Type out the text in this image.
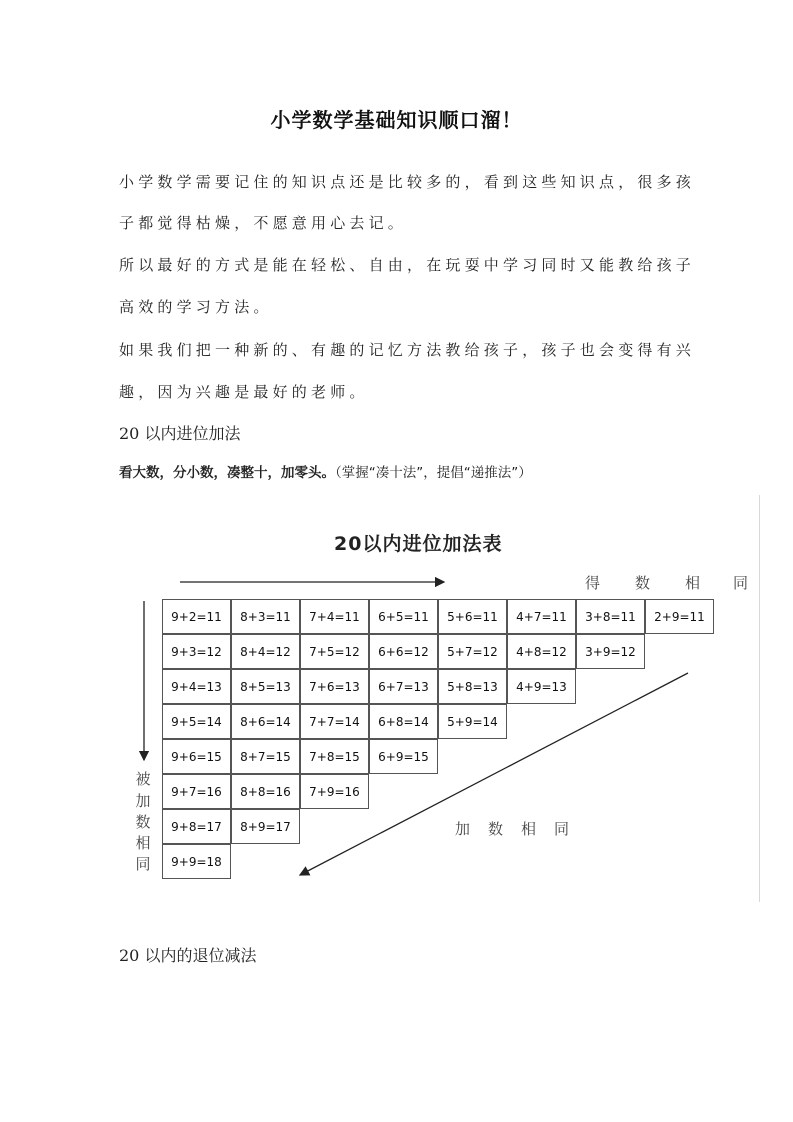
小学数学基础知识顺口溜！
小学数学需要记住的知识点还是比较多的，看到这些知识点，很多孩
子都觉得枯燥，不愿意用心去记。
所以最好的方式是能在轻松、自由，在玩耍中学习同时又能教给孩子
高效的学习方法。
如果我们把一种新的、有趣的记忆方法教给孩子，孩子也会变得有兴
趣，因为兴趣是最好的老师。
20 以内进位加法
看大数，分小数，凑整十，加零头。（掌握“凑十法”，提倡“递推法”）
20以内进位加法表
9+2=11
9+3=12
9+4=13
9+5=14
9+6=15
9+7=16
9+8=17
9+9=18
8+3=11
8+4=12
8+5=13
8+6=14
8+7=15
8+8=16
8+9=17
7+4=11
7+5=12
7+6=13
7+7=14
7+8=15
7+9=16
6+5=11
6+6=12
6+7=13
6+8=14
6+9=15
5+6=11
5+7=12
5+8=13
5+9=14
4+7=11
4+8=12
4+9=13
3+8=11
3+9=12
2+9=11
得 数 相 同
被
加
数
相
同
加 数 相 同
20 以内的退位减法
